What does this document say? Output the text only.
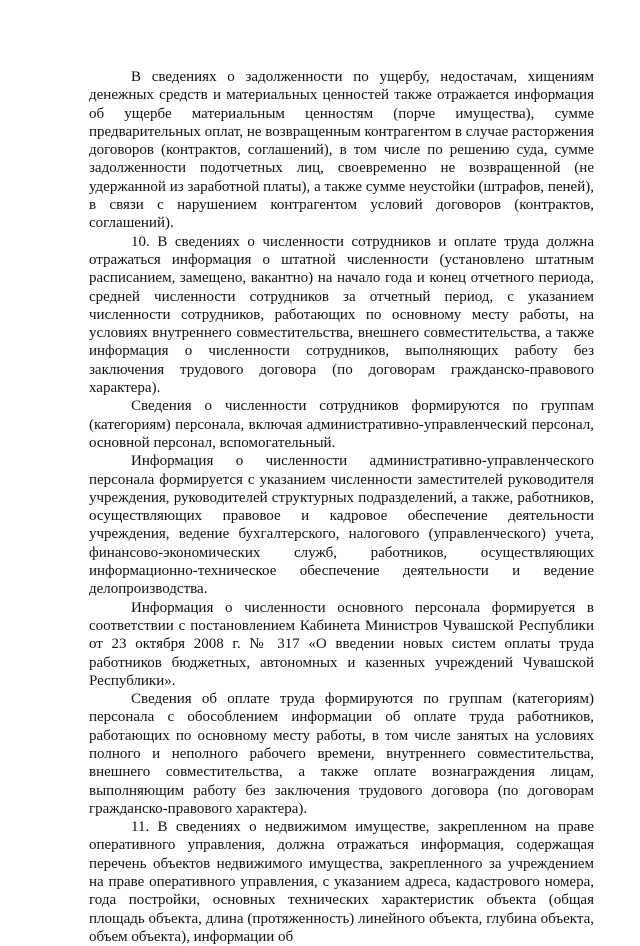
В сведениях о задолженности по ущербу, недостачам, хищениям денежных средств и материальных ценностей также отражается информация об ущербе материальным ценностям (порче имущества), сумме предварительных оплат, не возвращенным контрагентом в случае расторжения договоров (контрактов, соглашений), в том числе по решению суда, сумме задолженности подотчетных лиц, своевременно не возвращенной (не удержанной из заработной платы), а также сумме неустойки (штрафов, пеней), в связи с нарушением контрагентом условий договоров (контрактов, соглашений).

10. В сведениях о численности сотрудников и оплате труда должна отражаться информация о штатной численности (установлено штатным расписанием, замещено, вакантно) на начало года и конец отчетного периода, средней численности сотрудников за отчетный период, с указанием численности сотрудников, работающих по основному месту работы, на условиях внутреннего совместительства, внешнего совместительства, а также информация о численности сотрудников, выполняющих работу без заключения трудового договора (по договорам гражданско-правового характера).

Сведения о численности сотрудников формируются по группам (категориям) персонала, включая административно-управленческий персонал, основной персонал, вспомогательный.

Информация о численности административно-управленческого персонала формируется с указанием численности заместителей руководителя учреждения, руководителей структурных подразделений, а также, работников, осуществляющих правовое и кадровое обеспечение деятельности учреждения, ведение бухгалтерского, налогового (управленческого) учета, финансово-экономических служб, работников, осуществляющих информационно-техническое обеспечение деятельности и ведение делопроизводства.

Информация о численности основного персонала формируется в соответствии с постановлением Кабинета Министров Чувашской Республики от 23 октября 2008 г. № 317 «О введении новых систем оплаты труда работников бюджетных, автономных и казенных учреждений Чувашской Республики».

Сведения об оплате труда формируются по группам (категориям) персонала с обособлением информации об оплате труда работников, работающих по основному месту работы, в том числе занятых на условиях полного и неполного рабочего времени, внутреннего совместительства, внешнего совместительства, а также оплате вознаграждения лицам, выполняющим работу без заключения трудового договора (по договорам гражданско-правового характера).

11. В сведениях о недвижимом имуществе, закрепленном на праве оперативного управления, должна отражаться информация, содержащая перечень объектов недвижимого имущества, закрепленного за учреждением на праве оперативного управления, с указанием адреса, кадастрового номера, года постройки, основных технических характеристик объекта (общая площадь объекта, длина (протяженность) линейного объекта, глубина объекта, объем объекта), информации об
